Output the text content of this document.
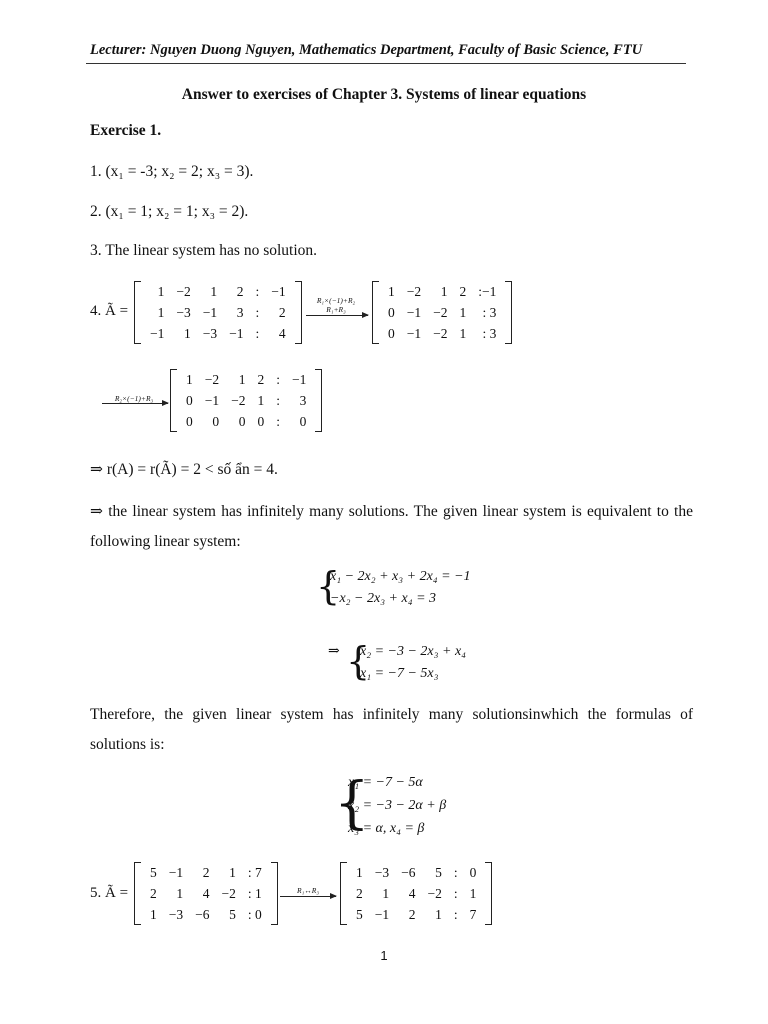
Lecturer: Nguyen Duong Nguyen, Mathematics Department, Faculty of Basic Science, FTU
Answer to exercises of Chapter 3. Systems of linear equations
Exercise 1.
1. (x₁ = -3; x₂ = 2; x₃ = 3).
2. (x₁ = 1; x₂ = 1; x₃ = 2).
3. The linear system has no solution.
4. Ã =
1	−2	1	2	:	−1
1	−3	−1	3	:	2
−1	1	−3	−1	:	4
R₁×(−1)+R₂
R₁+R₃
1	−2	1	2	:−1
0	−1	−2	1	: 3
0	−1	−2	1	: 3
R₂×(−1)+R₃
1	−2	1	2	:	−1
0	−1	−2	1	:	3
0	0	0	0	:	0
⇒ r(A) = r(Ã) = 2 < số ẩn = 4.
⇒ the linear system has infinitely many solutions. The given linear system is equivalent to the following linear system:
{
x₁ − 2x₂ + x₃ + 2x₄ = −1
−x₂ − 2x₃ + x₄ = 3
⇒ {
x₂ = −3 − 2x₃ + x₄
x₁ = −7 − 5x₃
Therefore, the given linear system has infinitely many solutionsinwhich the formulas of solutions is:
{
x₁ = −7 − 5α
x₂ = −3 − 2α + β
x₃ = α, x₄ = β
5. Ã =
5	−1	2	1	: 7
2	1	4	−2	: 1
1	−3	−6	5	: 0
R₁↔R₃
1	−3	−6	5	:	0
2	1	4	−2	:	1
5	−1	2	1	:	7
1
